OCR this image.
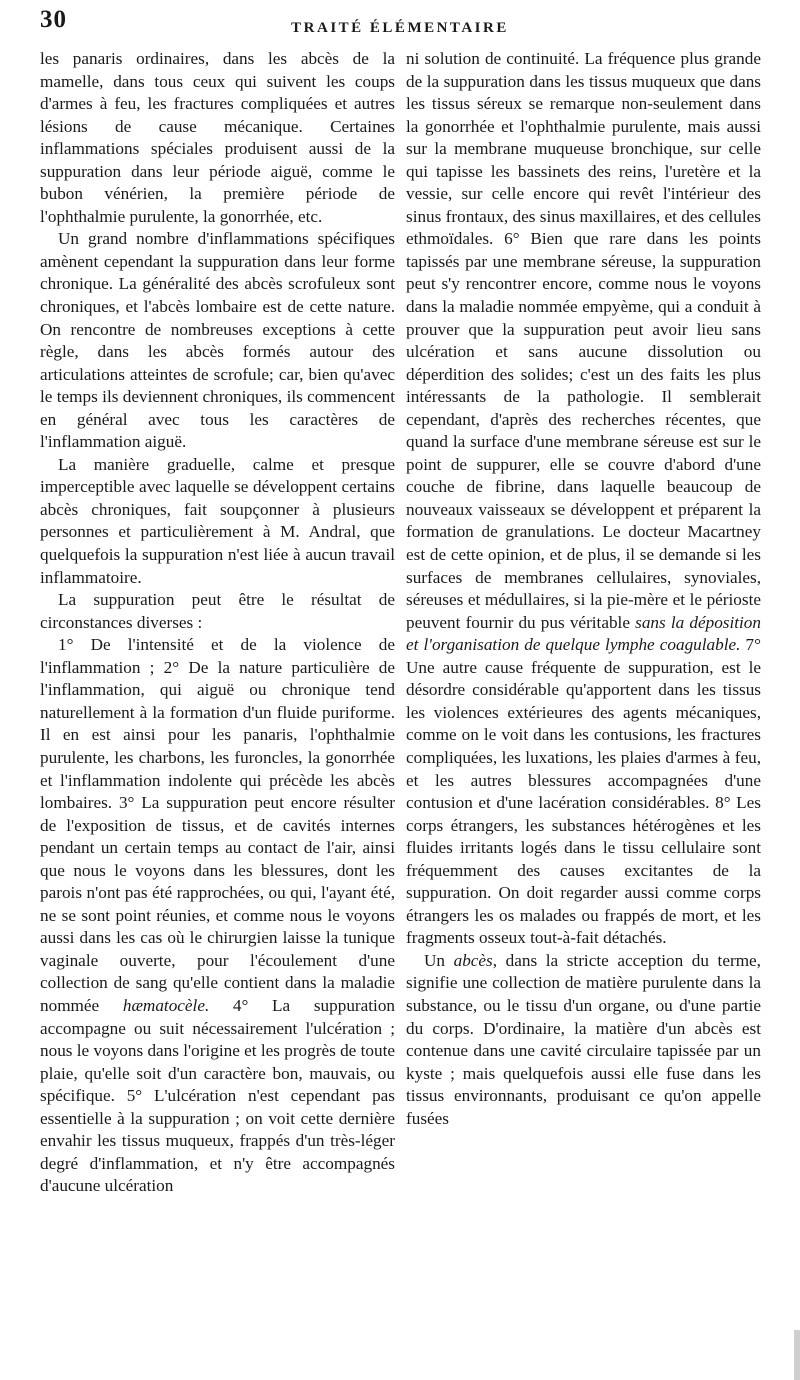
30	TRAITÉ ÉLÉMENTAIRE

les panaris ordinaires, dans les abcès de la mamelle, dans tous ceux qui suivent les coups d'armes à feu, les fractures compliquées et autres lésions de cause mécanique. Certaines inflammations spéciales produisent aussi de la suppuration dans leur période aiguë, comme le bubon vénérien, la première période de l'ophthalmie purulente, la gonorrhée, etc.

Un grand nombre d'inflammations spécifiques amènent cependant la suppuration dans leur forme chronique. La généralité des abcès scrofuleux sont chroniques, et l'abcès lombaire est de cette nature. On rencontre de nombreuses exceptions à cette règle, dans les abcès formés autour des articulations atteintes de scrofule; car, bien qu'avec le temps ils deviennent chroniques, ils commencent en général avec tous les caractères de l'inflammation aiguë.

La manière graduelle, calme et presque imperceptible avec laquelle se développent certains abcès chroniques, fait soupçonner à plusieurs personnes et particulièrement à M. Andral, que quelquefois la suppuration n'est liée à aucun travail inflammatoire.

La suppuration peut être le résultat de circonstances diverses :

1° De l'intensité et de la violence de l'inflammation ; 2° De la nature particulière de l'inflammation, qui aiguë ou chronique tend naturellement à la formation d'un fluide puriforme. Il en est ainsi pour les panaris, l'ophthalmie purulente, les charbons, les furoncles, la gonorrhée et l'inflammation indolente qui précède les abcès lombaires. 3° La suppuration peut encore résulter de l'exposition de tissus, et de cavités internes pendant un certain temps au contact de l'air, ainsi que nous le voyons dans les blessures, dont les parois n'ont pas été rapprochées, ou qui, l'ayant été, ne se sont point réunies, et comme nous le voyons aussi dans les cas où le chirurgien laisse la tunique vaginale ouverte, pour l'écoulement d'une collection de sang qu'elle contient dans la maladie nommée hæmatocèle. 4° La suppuration accompagne ou suit nécessairement l'ulcération ; nous le voyons dans l'origine et les progrès de toute plaie, qu'elle soit d'un caractère bon, mauvais, ou spécifique. 5° L'ulcération n'est cependant pas essentielle à la suppuration ; on voit cette dernière envahir les tissus muqueux, frappés d'un très-léger degré d'inflammation, et n'y être accompagnés d'aucune ulcération

ni solution de continuité. La fréquence plus grande de la suppuration dans les tissus muqueux que dans les tissus séreux se remarque non-seulement dans la gonorrhée et l'ophthalmie purulente, mais aussi sur la membrane muqueuse bronchique, sur celle qui tapisse les bassinets des reins, l'uretère et la vessie, sur celle encore qui revêt l'intérieur des sinus frontaux, des sinus maxillaires, et des cellules ethmoïdales. 6° Bien que rare dans les points tapissés par une membrane séreuse, la suppuration peut s'y rencontrer encore, comme nous le voyons dans la maladie nommée empyème, qui a conduit à prouver que la suppuration peut avoir lieu sans ulcération et sans aucune dissolution ou déperdition des solides; c'est un des faits les plus intéressants de la pathologie. Il semblerait cependant, d'après des recherches récentes, que quand la surface d'une membrane séreuse est sur le point de suppurer, elle se couvre d'abord d'une couche de fibrine, dans laquelle beaucoup de nouveaux vaisseaux se développent et préparent la formation de granulations. Le docteur Macartney est de cette opinion, et de plus, il se demande si les surfaces de membranes cellulaires, synoviales, séreuses et médullaires, si la pie-mère et le périoste peuvent fournir du pus véritable sans la déposition et l'organisation de quelque lymphe coagulable. 7° Une autre cause fréquente de suppuration, est le désordre considérable qu'apportent dans les tissus les violences extérieures des agents mécaniques, comme on le voit dans les contusions, les fractures compliquées, les luxations, les plaies d'armes à feu, et les autres blessures accompagnées d'une contusion et d'une lacération considérables. 8° Les corps étrangers, les substances hétérogènes et les fluides irritants logés dans le tissu cellulaire sont fréquemment des causes excitantes de la suppuration. On doit regarder aussi comme corps étrangers les os malades ou frappés de mort, et les fragments osseux tout-à-fait détachés.

Un abcès, dans la stricte acception du terme, signifie une collection de matière purulente dans la substance, ou le tissu d'un organe, ou d'une partie du corps. D'ordinaire, la matière d'un abcès est contenue dans une cavité circulaire tapissée par un kyste ; mais quelquefois aussi elle fuse dans les tissus environnants, produisant ce qu'on appelle fusées
